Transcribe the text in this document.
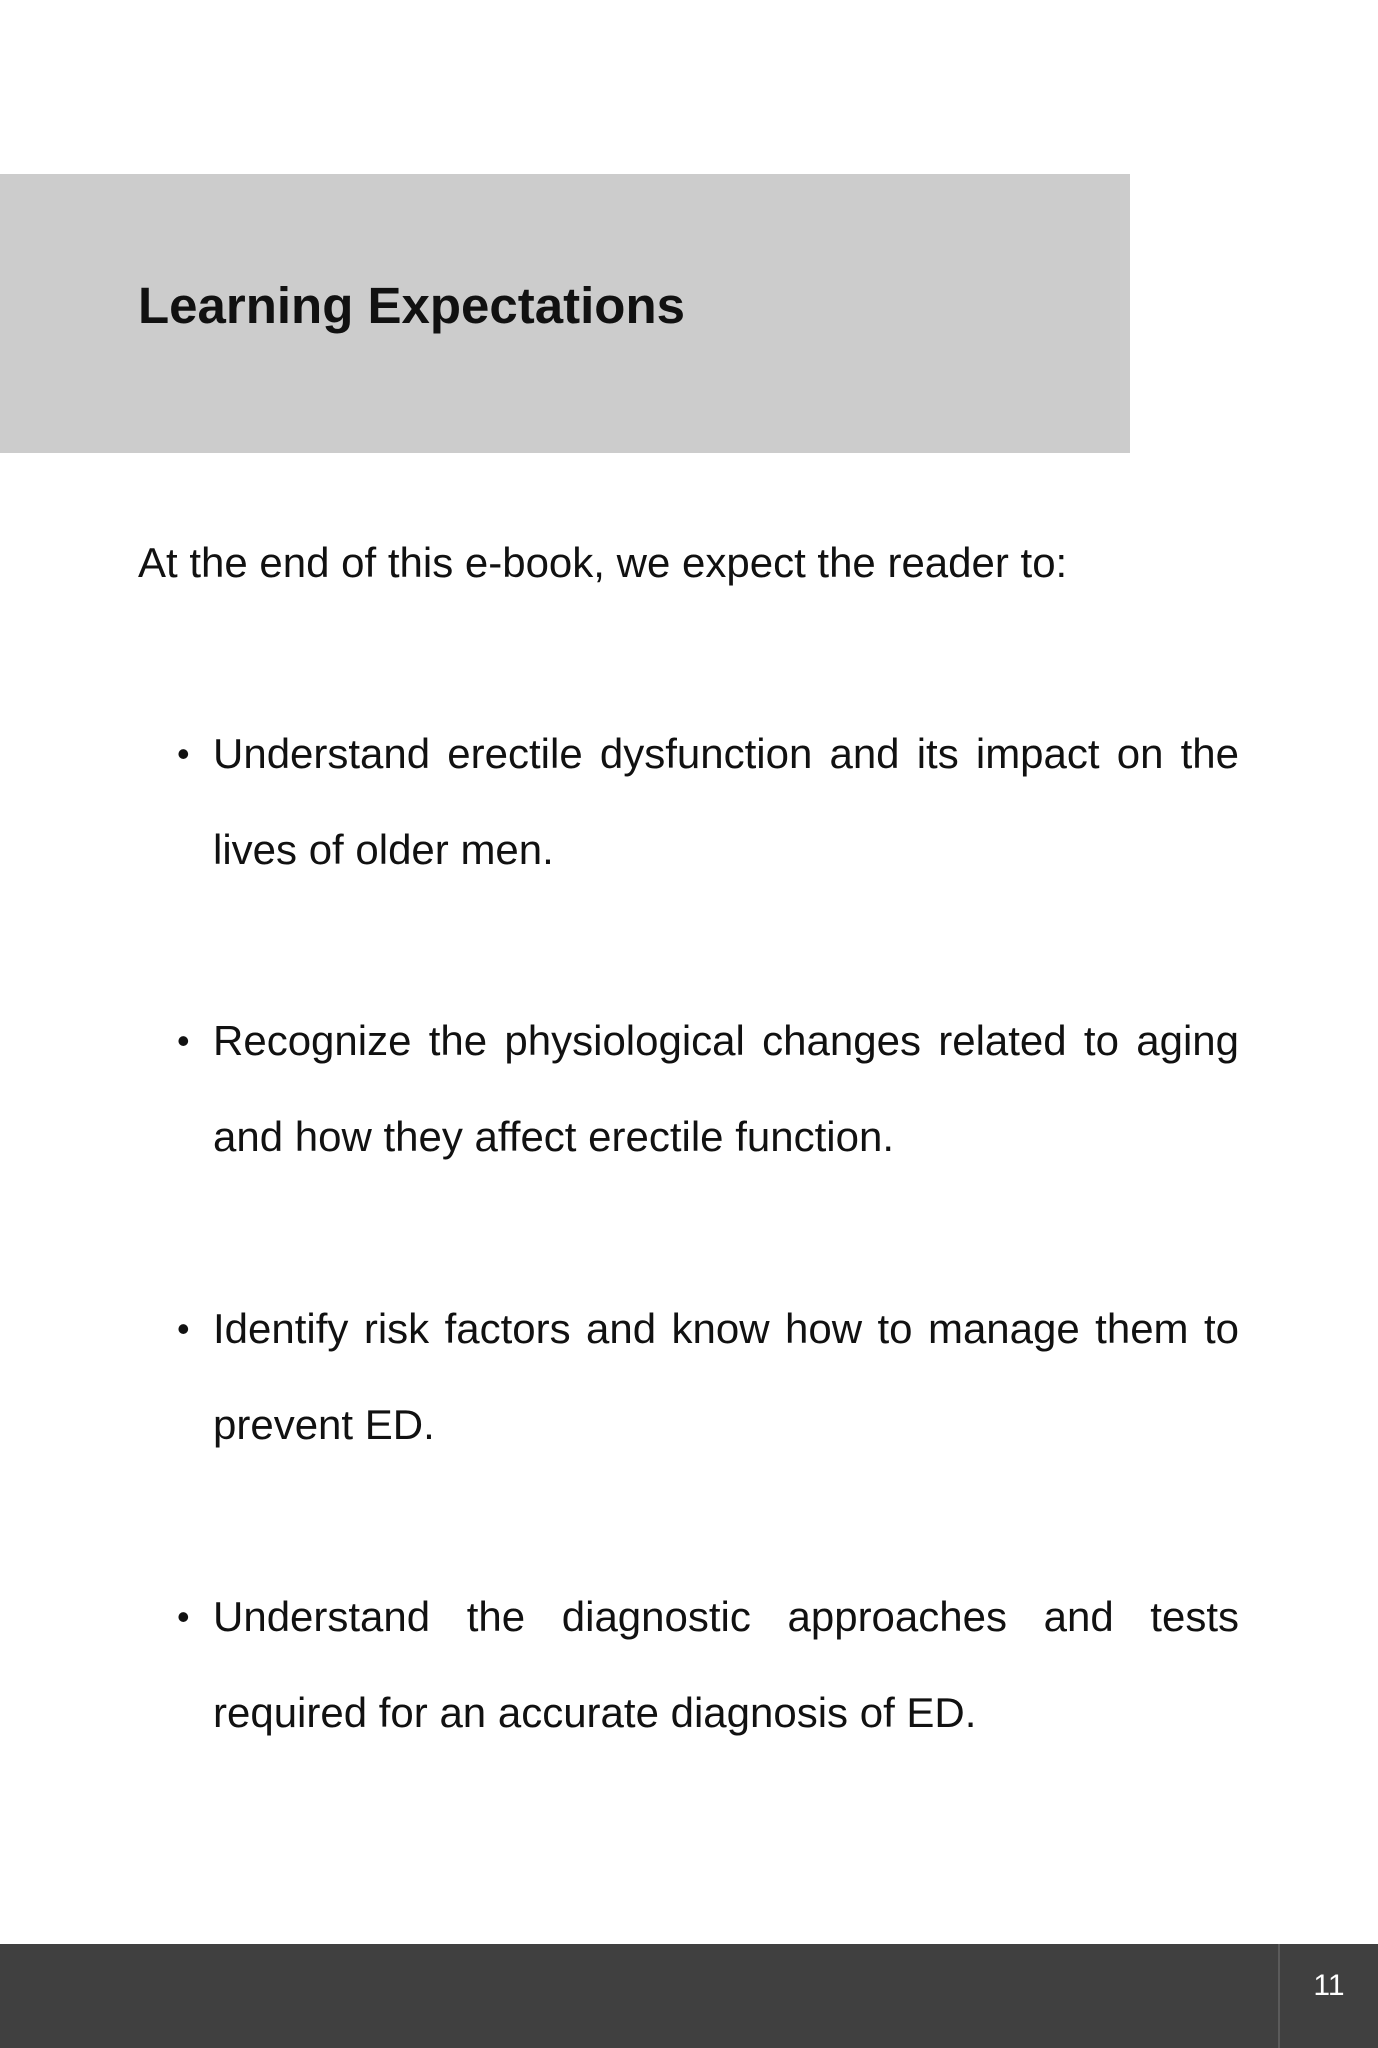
Learning Expectations

At the end of this e-book, we expect the reader to:

• Understand erectile dysfunction and its impact on the lives of older men.
• Recognize the physiological changes related to aging and how they affect erectile function.
• Identify risk factors and know how to manage them to prevent ED.
• Understand the diagnostic approaches and tests required for an accurate diagnosis of ED.
11
